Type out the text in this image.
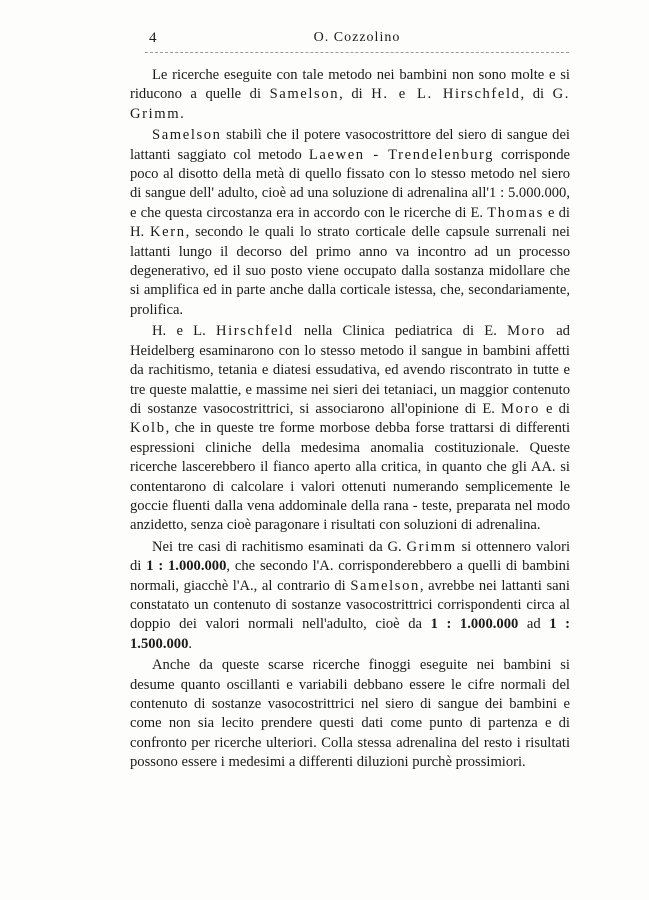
4	O. Cozzolino

Le ricerche eseguite con tale metodo nei bambini non sono molte e si riducono a quelle di Samelson, di H. e L. Hirschfeld, di G. Grimm.

Samelson stabilì che il potere vasocostrittore del siero di sangue dei lattanti saggiato col metodo Laewen - Trendelenburg corrisponde poco al disotto della metà di quello fissato con lo stesso metodo nel siero di sangue dell' adulto, cioè ad una soluzione di adrenalina all'1 : 5.000.000, e che questa circostanza era in accordo con le ricerche di E. Thomas e di H. Kern, secondo le quali lo strato corticale delle capsule surrenali nei lattanti lungo il decorso del primo anno va incontro ad un processo degenerativo, ed il suo posto viene occupato dalla sostanza midollare che si amplifica ed in parte anche dalla corticale istessa, che, secondariamente, prolifica.

H. e L. Hirschfeld nella Clinica pediatrica di E. Moro ad Heidelberg esaminarono con lo stesso metodo il sangue in bambini affetti da rachitismo, tetania e diatesi essudativa, ed avendo riscontrato in tutte e tre queste malattie, e massime nei sieri dei tetaniaci, un maggior contenuto di sostanze vasocostrittrici, si associarono all'opinione di E. Moro e di Kolb, che in queste tre forme morbose debba forse trattarsi di differenti espressioni cliniche della medesima anomalia costituzionale. Queste ricerche lascerebbero il fianco aperto alla critica, in quanto che gli AA. si contentarono di calcolare i valori ottenuti numerando semplicemente le goccie fluenti dalla vena addominale della rana - teste, preparata nel modo anzidetto, senza cioè paragonare i risultati con soluzioni di adrenalina.

Nei tre casi di rachitismo esaminati da G. Grimm si ottennero valori di 1 : 1.000.000, che secondo l'A. corrisponderebbero a quelli di bambini normali, giacchè l'A., al contrario di Samelson, avrebbe nei lattanti sani constatato un contenuto di sostanze vasocostrittrici corrispondenti circa al doppio dei valori normali nell'adulto, cioè da 1 : 1.000.000 ad 1 : 1.500.000.

Anche da queste scarse ricerche finoggi eseguite nei bambini si desume quanto oscillanti e variabili debbano essere le cifre normali del contenuto di sostanze vasocostrittrici nel siero di sangue dei bambini e come non sia lecito prendere questi dati come punto di partenza e di confronto per ricerche ulteriori. Colla stessa adrenalina del resto i risultati possono essere i medesimi a differenti diluzioni purchè prossimiori.
